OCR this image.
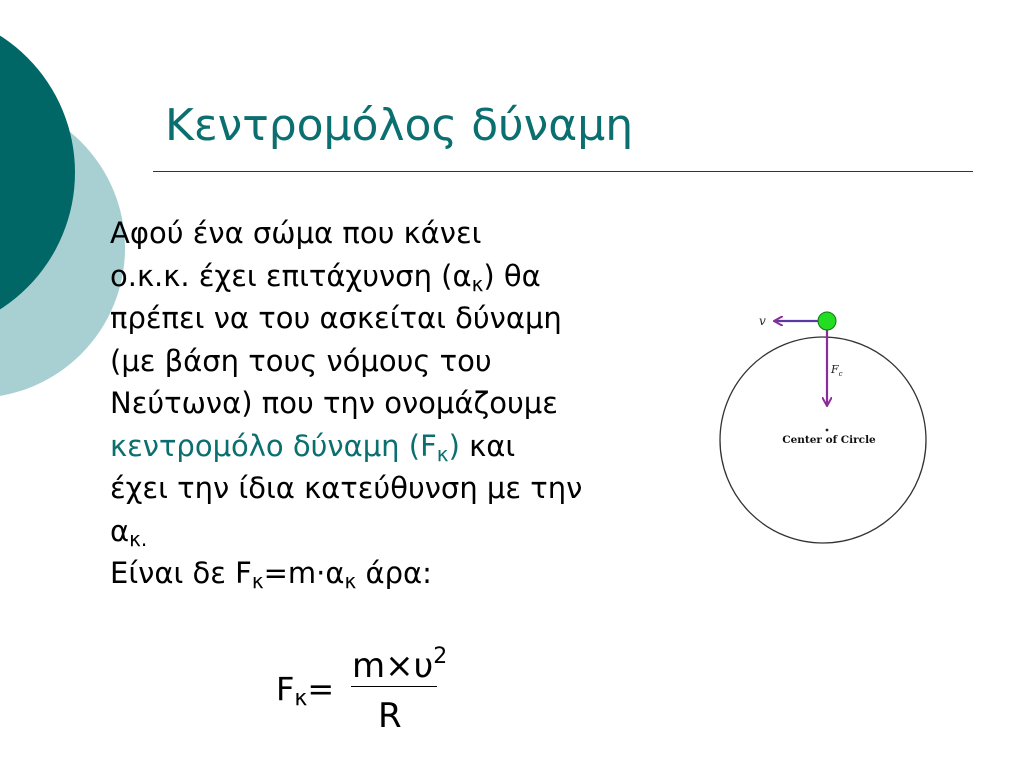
Κεντρομόλος δύναμη
Αφού ένα σώμα που κάνει
ο.κ.κ. έχει επιτάχυνση $(\alpha_\kappa)$ θα
πρέπει να του ασκείται δύναμη
(με βάση τους νόμους του
Νεύτωνα) που την ονομάζουμε
κεντρομόλο δύναμη $(F_\kappa)$ και
έχει την ίδια κατεύθυνση με την
$\alpha_{\kappa.}$
Είναι δε $F_\kappa=m\cdot\alpha_\kappa$ άρα:
$F_\kappa=$
$m\times\upsilon^2$
R
v
$F_c$
Center of Circle
